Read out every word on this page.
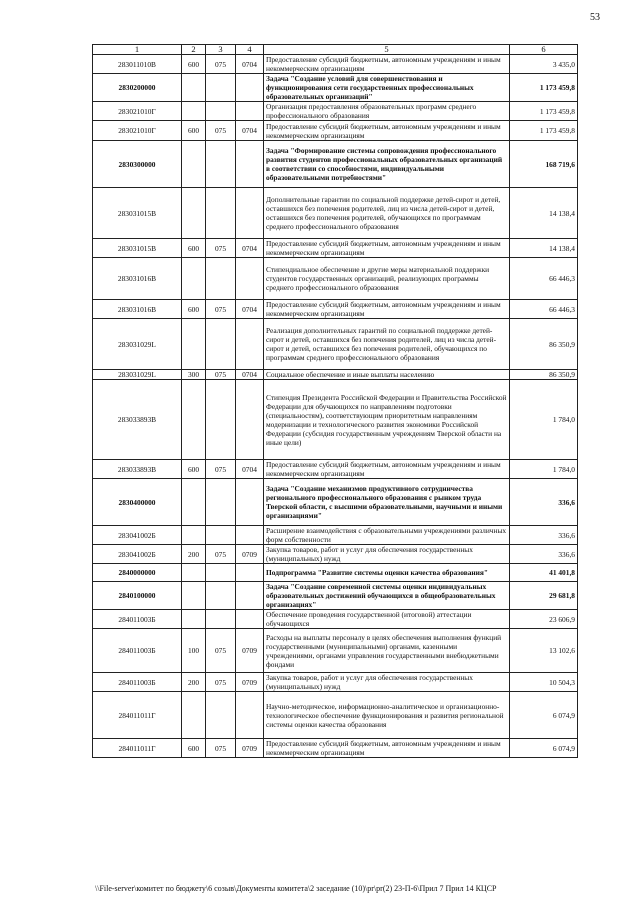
53
1	2	3	4	5	6
283011010В	600	075	0704	Предоставление субсидий бюджетным, автономным учреждениям и иным некоммерческим организациям	3 435,0
2830200000				Задача "Создание условий для совершенствования и функционирования сети государственных профессиональных образовательных организаций"	1 173 459,8
283021010Г				Организация предоставления образовательных программ среднего профессионального образования	1 173 459,8
283021010Г	600	075	0704	Предоставление субсидий бюджетным, автономным учреждениям и иным некоммерческим организациям	1 173 459,8
2830300000				Задача "Формирование системы сопровождения профессионального развития студентов профессиональных образовательных организаций в соответствии со способностями, индивидуальными образовательными потребностями"	168 719,6
283031015В				Дополнительные гарантии по социальной поддержке детей-сирот и детей, оставшихся без попечения родителей, лиц из числа детей-сирот и детей, оставшихся без попечения родителей, обучающихся по программам среднего профессионального образования	14 138,4
283031015В	600	075	0704	Предоставление субсидий бюджетным, автономным учреждениям и иным некоммерческим организациям	14 138,4
283031016В				Стипендиальное обеспечение и другие меры материальной поддержки студентов государственных организаций, реализующих программы среднего профессионального образования	66 446,3
283031016В	600	075	0704	Предоставление субсидий бюджетным, автономным учреждениям и иным некоммерческим организациям	66 446,3
283031029L				Реализация дополнительных гарантий по социальной поддержке детей-сирот и детей, оставшихся без попечения родителей, лиц из числа детей-сирот и детей, оставшихся без попечения родителей, обучающихся по программам среднего профессионального образования	86 350,9
283031029L	300	075	0704	Социальное обеспечение и иные выплаты населению	86 350,9
283033893В				Стипендия Президента Российской Федерации и Правительства Российской Федерации для обучающихся по направлениям подготовки (специальностям), соответствующим приоритетным направлениям модернизации и технологического развития экономики Российской Федерации (субсидия государственным учреждениям Тверской области на иные цели)	1 784,0
283033893В	600	075	0704	Предоставление субсидий бюджетным, автономным учреждениям и иным некоммерческим организациям	1 784,0
2830400000				Задача "Создание механизмов продуктивного сотрудничества регионального профессионального образования с рынком труда Тверской области, с высшими образовательными, научными и иными организациями"	336,6
283041002Б				Расширение взаимодействия с образовательными учреждениями различных форм собственности	336,6
283041002Б	200	075	0709	Закупка товаров, работ и услуг для обеспечения государственных (муниципальных) нужд	336,6
2840000000				Подпрограмма "Развитие системы оценки качества образования"	41 401,8
2840100000				Задача "Создание современной системы оценки индивидуальных образовательных достижений обучающихся в общеобразовательных организациях"	29 681,8
284011003Б				Обеспечение проведения государственной (итоговой) аттестации обучающихся	23 606,9
284011003Б	100	075	0709	Расходы на выплаты персоналу в целях обеспечения выполнения функций государственными (муниципальными) органами, казенными учреждениями, органами управления государственными внебюджетными фондами	13 102,6
284011003Б	200	075	0709	Закупка товаров, работ и услуг для обеспечения государственных (муниципальных) нужд	10 504,3
284011011Г				Научно-методическое, информационно-аналитическое и организационно-технологическое обеспечение функционирования и развития региональной системы оценки качества образования	6 074,9
284011011Г	600	075	0709	Предоставление субсидий бюджетным, автономным учреждениям и иным некоммерческим организациям	6 074,9
\\File-server\комитет по бюджету\6 созыв\Документы комитета\2 заседание (10)\pr\pr(2) 23-П-6\Прил 7 Прил 14 КЦСР
